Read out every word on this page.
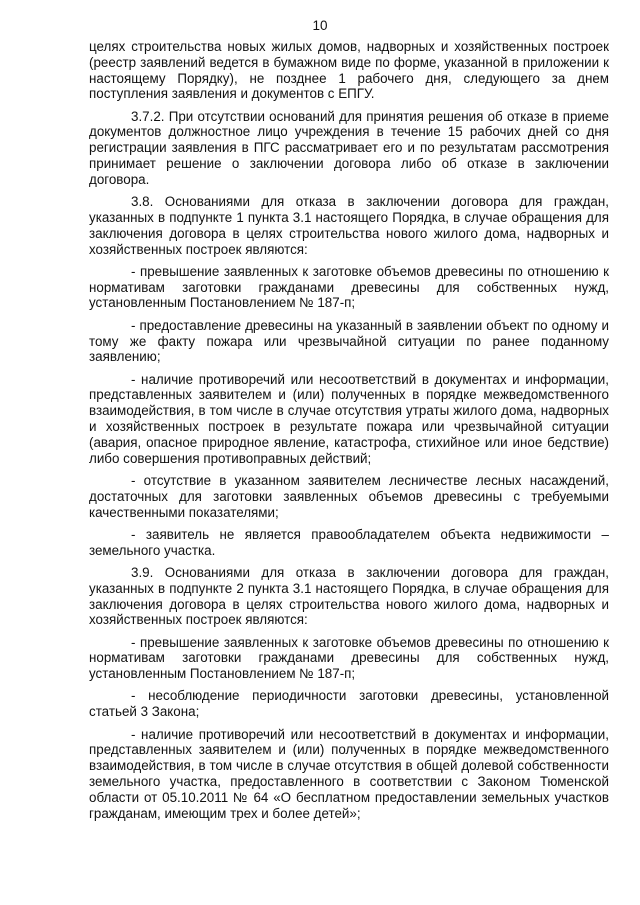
10

целях строительства новых жилых домов, надворных и хозяйственных построек (реестр заявлений ведется в бумажном виде по форме, указанной в приложении к настоящему Порядку), не позднее 1 рабочего дня, следующего за днем поступления заявления и документов с ЕПГУ.

3.7.2. При отсутствии оснований для принятия решения об отказе в приеме документов должностное лицо учреждения в течение 15 рабочих дней со дня регистрации заявления в ПГС рассматривает его и по результатам рассмотрения принимает решение о заключении договора либо об отказе в заключении договора.

3.8. Основаниями для отказа в заключении договора для граждан, указанных в подпункте 1 пункта 3.1 настоящего Порядка, в случае обращения для заключения договора в целях строительства нового жилого дома, надворных и хозяйственных построек являются:

- превышение заявленных к заготовке объемов древесины по отношению к нормативам заготовки гражданами древесины для собственных нужд, установленным Постановлением № 187-п;

- предоставление древесины на указанный в заявлении объект по одному и тому же факту пожара или чрезвычайной ситуации по ранее поданному заявлению;

- наличие противоречий или несоответствий в документах и информации, представленных заявителем и (или) полученных в порядке межведомственного взаимодействия, в том числе в случае отсутствия утраты жилого дома, надворных и хозяйственных построек в результате пожара или чрезвычайной ситуации (авария, опасное природное явление, катастрофа, стихийное или иное бедствие) либо совершения противоправных действий;

- отсутствие в указанном заявителем лесничестве лесных насаждений, достаточных для заготовки заявленных объемов древесины с требуемыми качественными показателями;

- заявитель не является правообладателем объекта недвижимости – земельного участка.

3.9. Основаниями для отказа в заключении договора для граждан, указанных в подпункте 2 пункта 3.1 настоящего Порядка, в случае обращения для заключения договора в целях строительства нового жилого дома, надворных и хозяйственных построек являются:

- превышение заявленных к заготовке объемов древесины по отношению к нормативам заготовки гражданами древесины для собственных нужд, установленным Постановлением № 187-п;

- несоблюдение периодичности заготовки древесины, установленной статьей 3 Закона;

- наличие противоречий или несоответствий в документах и информации, представленных заявителем и (или) полученных в порядке межведомственного взаимодействия, в том числе в случае отсутствия в общей долевой собственности земельного участка, предоставленного в соответствии с Законом Тюменской области от 05.10.2011 № 64 «О бесплатном предоставлении земельных участков гражданам, имеющим трех и более детей»;
